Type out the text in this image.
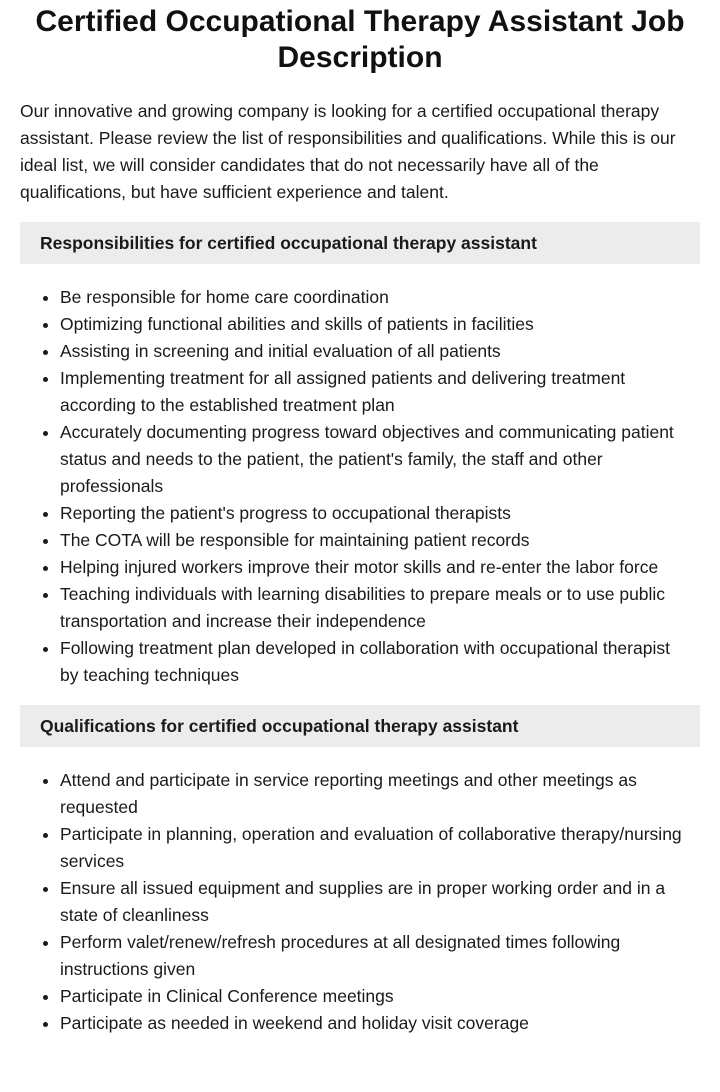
Certified Occupational Therapy Assistant Job Description

Our innovative and growing company is looking for a certified occupational therapy assistant. Please review the list of responsibilities and qualifications. While this is our ideal list, we will consider candidates that do not necessarily have all of the qualifications, but have sufficient experience and talent.

Responsibilities for certified occupational therapy assistant
• Be responsible for home care coordination
• Optimizing functional abilities and skills of patients in facilities
• Assisting in screening and initial evaluation of all patients
• Implementing treatment for all assigned patients and delivering treatment according to the established treatment plan
• Accurately documenting progress toward objectives and communicating patient status and needs to the patient, the patient's family, the staff and other professionals
• Reporting the patient's progress to occupational therapists
• The COTA will be responsible for maintaining patient records
• Helping injured workers improve their motor skills and re-enter the labor force
• Teaching individuals with learning disabilities to prepare meals or to use public transportation and increase their independence
• Following treatment plan developed in collaboration with occupational therapist by teaching techniques
Qualifications for certified occupational therapy assistant
• Attend and participate in service reporting meetings and other meetings as requested
• Participate in planning, operation and evaluation of collaborative therapy/nursing services
• Ensure all issued equipment and supplies are in proper working order and in a state of cleanliness
• Perform valet/renew/refresh procedures at all designated times following instructions given
• Participate in Clinical Conference meetings
• Participate as needed in weekend and holiday visit coverage
